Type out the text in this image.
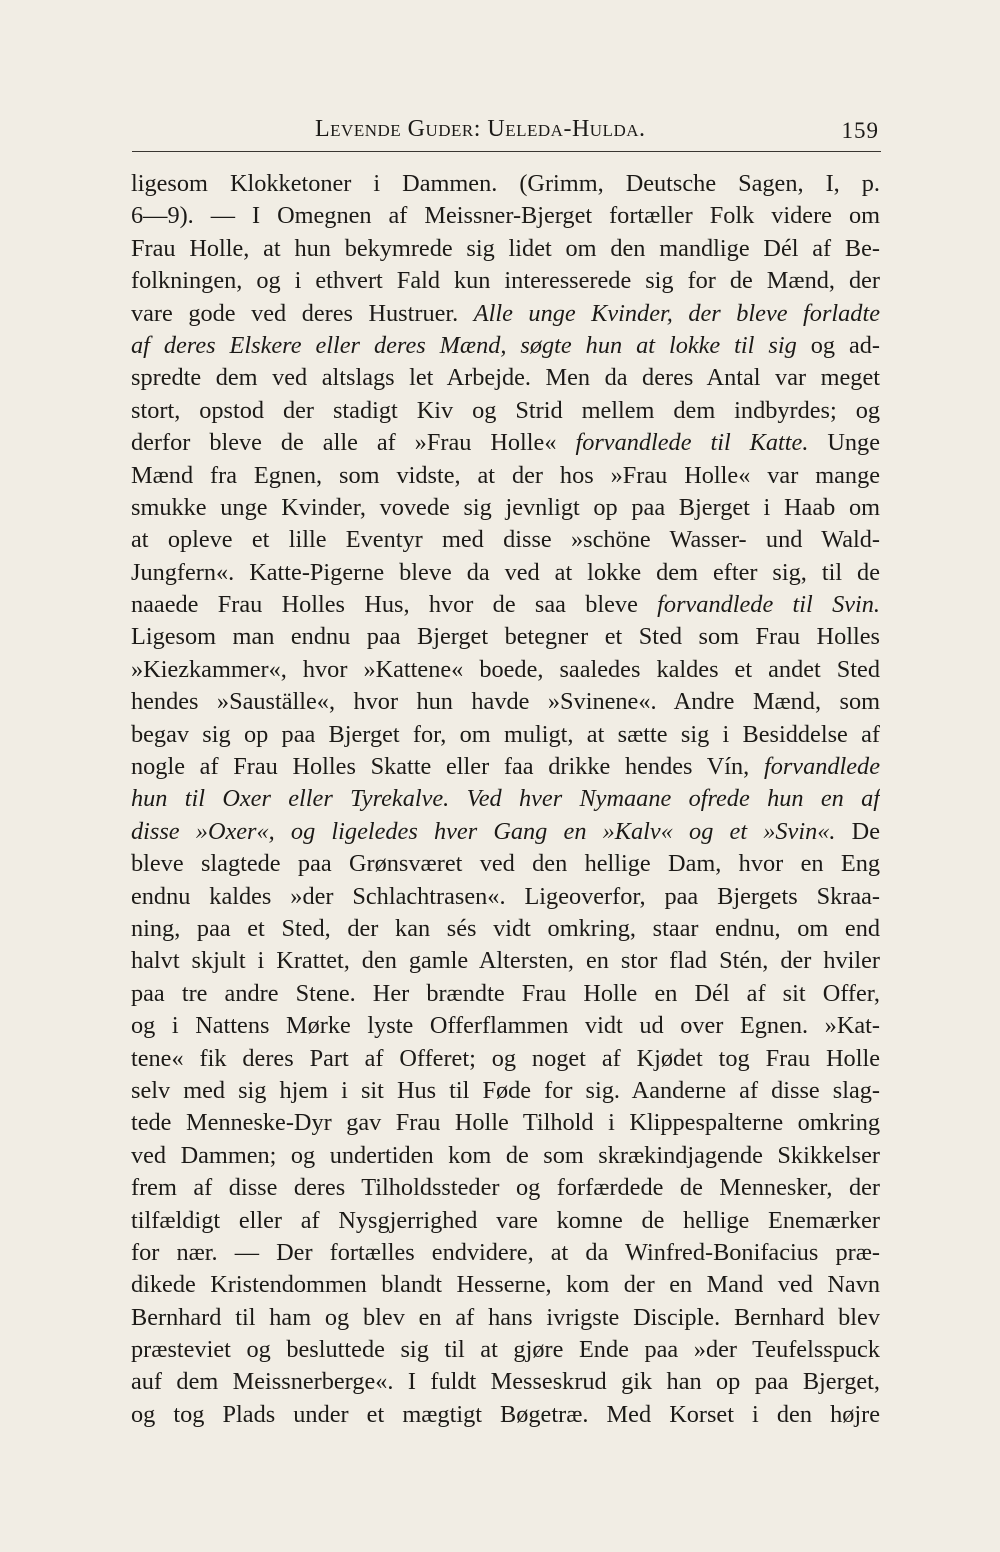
Levende Guder: Ueleda-Hulda.	159
ligesom Klokketoner i Dammen. (Grimm, Deutsche Sagen, I, p.
6—9). — I Omegnen af Meissner-Bjerget fortæller Folk videre om
Frau Holle, at hun bekymrede sig lidet om den mandlige Dél af Be-
folkningen, og i ethvert Fald kun interesserede sig for de Mænd, der
vare gode ved deres Hustruer. Alle unge Kvinder, der bleve forladte
af deres Elskere eller deres Mænd, søgte hun at lokke til sig og ad-
spredte dem ved altslags let Arbejde. Men da deres Antal var meget
stort, opstod der stadigt Kiv og Strid mellem dem indbyrdes; og
derfor bleve de alle af »Frau Holle« forvandlede til Katte. Unge
Mænd fra Egnen, som vidste, at der hos »Frau Holle« var mange
smukke unge Kvinder, vovede sig jevnligt op paa Bjerget i Haab om
at opleve et lille Eventyr med disse »schöne Wasser- und Wald-
Jungfern«. Katte-Pigerne bleve da ved at lokke dem efter sig, til de
naaede Frau Holles Hus, hvor de saa bleve forvandlede til Svin.
Ligesom man endnu paa Bjerget betegner et Sted som Frau Holles
»Kiezkammer«, hvor »Kattene« boede, saaledes kaldes et andet Sted
hendes »Sauställe«, hvor hun havde »Svinene«. Andre Mænd, som
begav sig op paa Bjerget for, om muligt, at sætte sig i Besiddelse af
nogle af Frau Holles Skatte eller faa drikke hendes Vín, forvandlede
hun til Oxer eller Tyrekalve. Ved hver Nymaane ofrede hun en af
disse »Oxer«, og ligeledes hver Gang en »Kalv« og et »Svin«. De
bleve slagtede paa Grønsværet ved den hellige Dam, hvor en Eng
endnu kaldes »der Schlachtrasen«. Ligeoverfor, paa Bjergets Skraa-
ning, paa et Sted, der kan sés vidt omkring, staar endnu, om end
halvt skjult i Krattet, den gamle Altersten, en stor flad Stén, der hviler
paa tre andre Stene. Her brændte Frau Holle en Dél af sit Offer,
og i Nattens Mørke lyste Offerflammen vidt ud over Egnen. »Kat-
tene« fik deres Part af Offeret; og noget af Kjødet tog Frau Holle
selv med sig hjem i sit Hus til Føde for sig. Aanderne af disse slag-
tede Menneske-Dyr gav Frau Holle Tilhold i Klippespalterne omkring
ved Dammen; og undertiden kom de som skrækindjagende Skikkelser
frem af disse deres Tilholdssteder og forfærdede de Mennesker, der
tilfældigt eller af Nysgjerrighed vare komne de hellige Enemærker
for nær. — Der fortælles endvidere, at da Winfred-Bonifacius præ-
dikede Kristendommen blandt Hesserne, kom der en Mand ved Navn
Bernhard til ham og blev en af hans ivrigste Disciple. Bernhard blev
præsteviet og besluttede sig til at gjøre Ende paa »der Teufelsspuck
auf dem Meissnerberge«. I fuldt Messeskrud gik han op paa Bjerget,
og tog Plads under et mægtigt Bøgetræ. Med Korset i den højre
